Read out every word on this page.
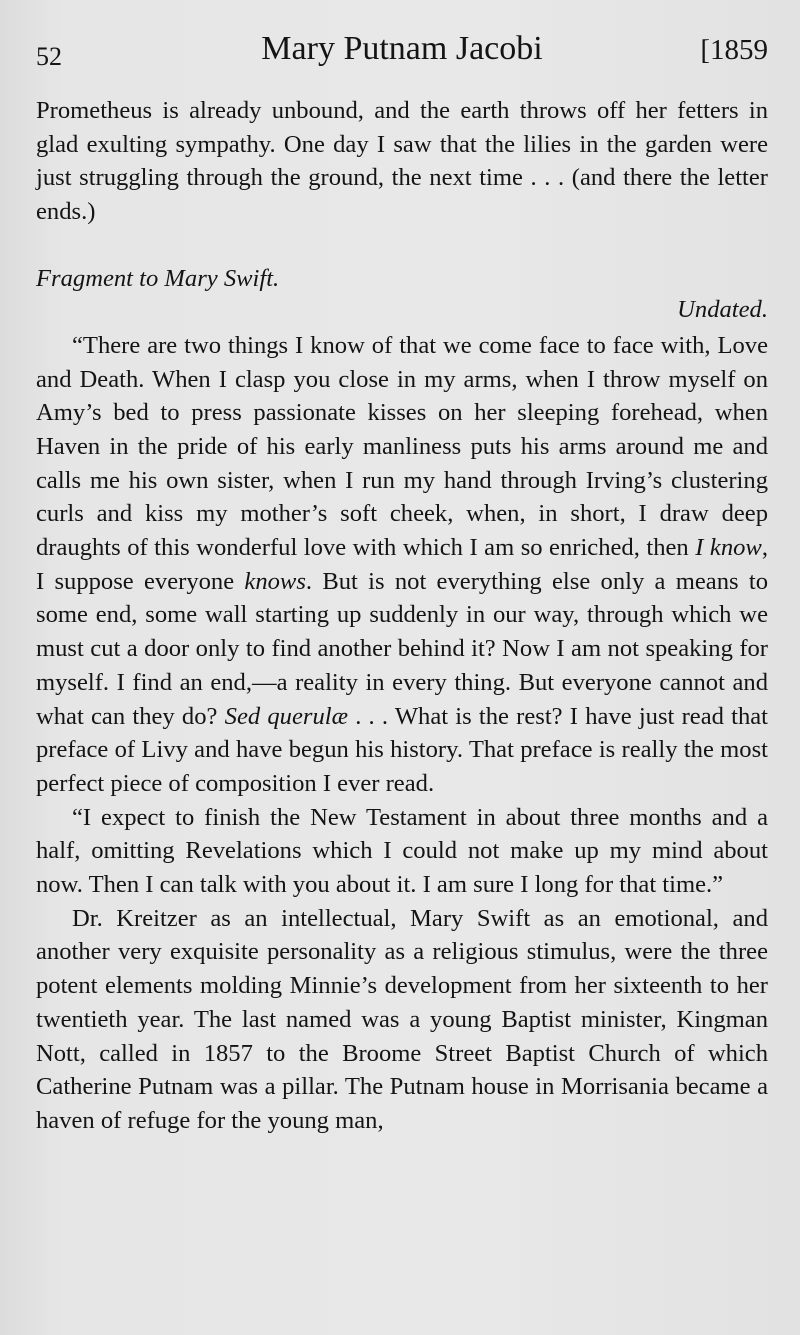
52	Mary Putnam Jacobi	[1859

Prometheus is already unbound, and the earth throws off her fetters in glad exulting sympathy. One day I saw that the lilies in the garden were just struggling through the ground, the next time . . . (and there the letter ends.)

Fragment to Mary Swift.

Undated.

“There are two things I know of that we come face to face with, Love and Death. When I clasp you close in my arms, when I throw myself on Amy’s bed to press passionate kisses on her sleeping forehead, when Haven in the pride of his early manliness puts his arms around me and calls me his own sister, when I run my hand through Irving’s clustering curls and kiss my mother’s soft cheek, when, in short, I draw deep draughts of this wonderful love with which I am so enriched, then I know, I suppose everyone knows. But is not everything else only a means to some end, some wall starting up suddenly in our way, through which we must cut a door only to find another behind it? Now I am not speaking for myself. I find an end,—a reality in every thing. But everyone cannot and what can they do? Sed querulæ . . . What is the rest? I have just read that preface of Livy and have begun his history. That preface is really the most perfect piece of composition I ever read.

“I expect to finish the New Testament in about three months and a half, omitting Revelations which I could not make up my mind about now. Then I can talk with you about it. I am sure I long for that time.”

Dr. Kreitzer as an intellectual, Mary Swift as an emotional, and another very exquisite personality as a religious stimulus, were the three potent elements molding Minnie’s development from her sixteenth to her twentieth year. The last named was a young Baptist minister, Kingman Nott, called in 1857 to the Broome Street Baptist Church of which Catherine Putnam was a pillar. The Putnam house in Morrisania became a haven of refuge for the young man,
